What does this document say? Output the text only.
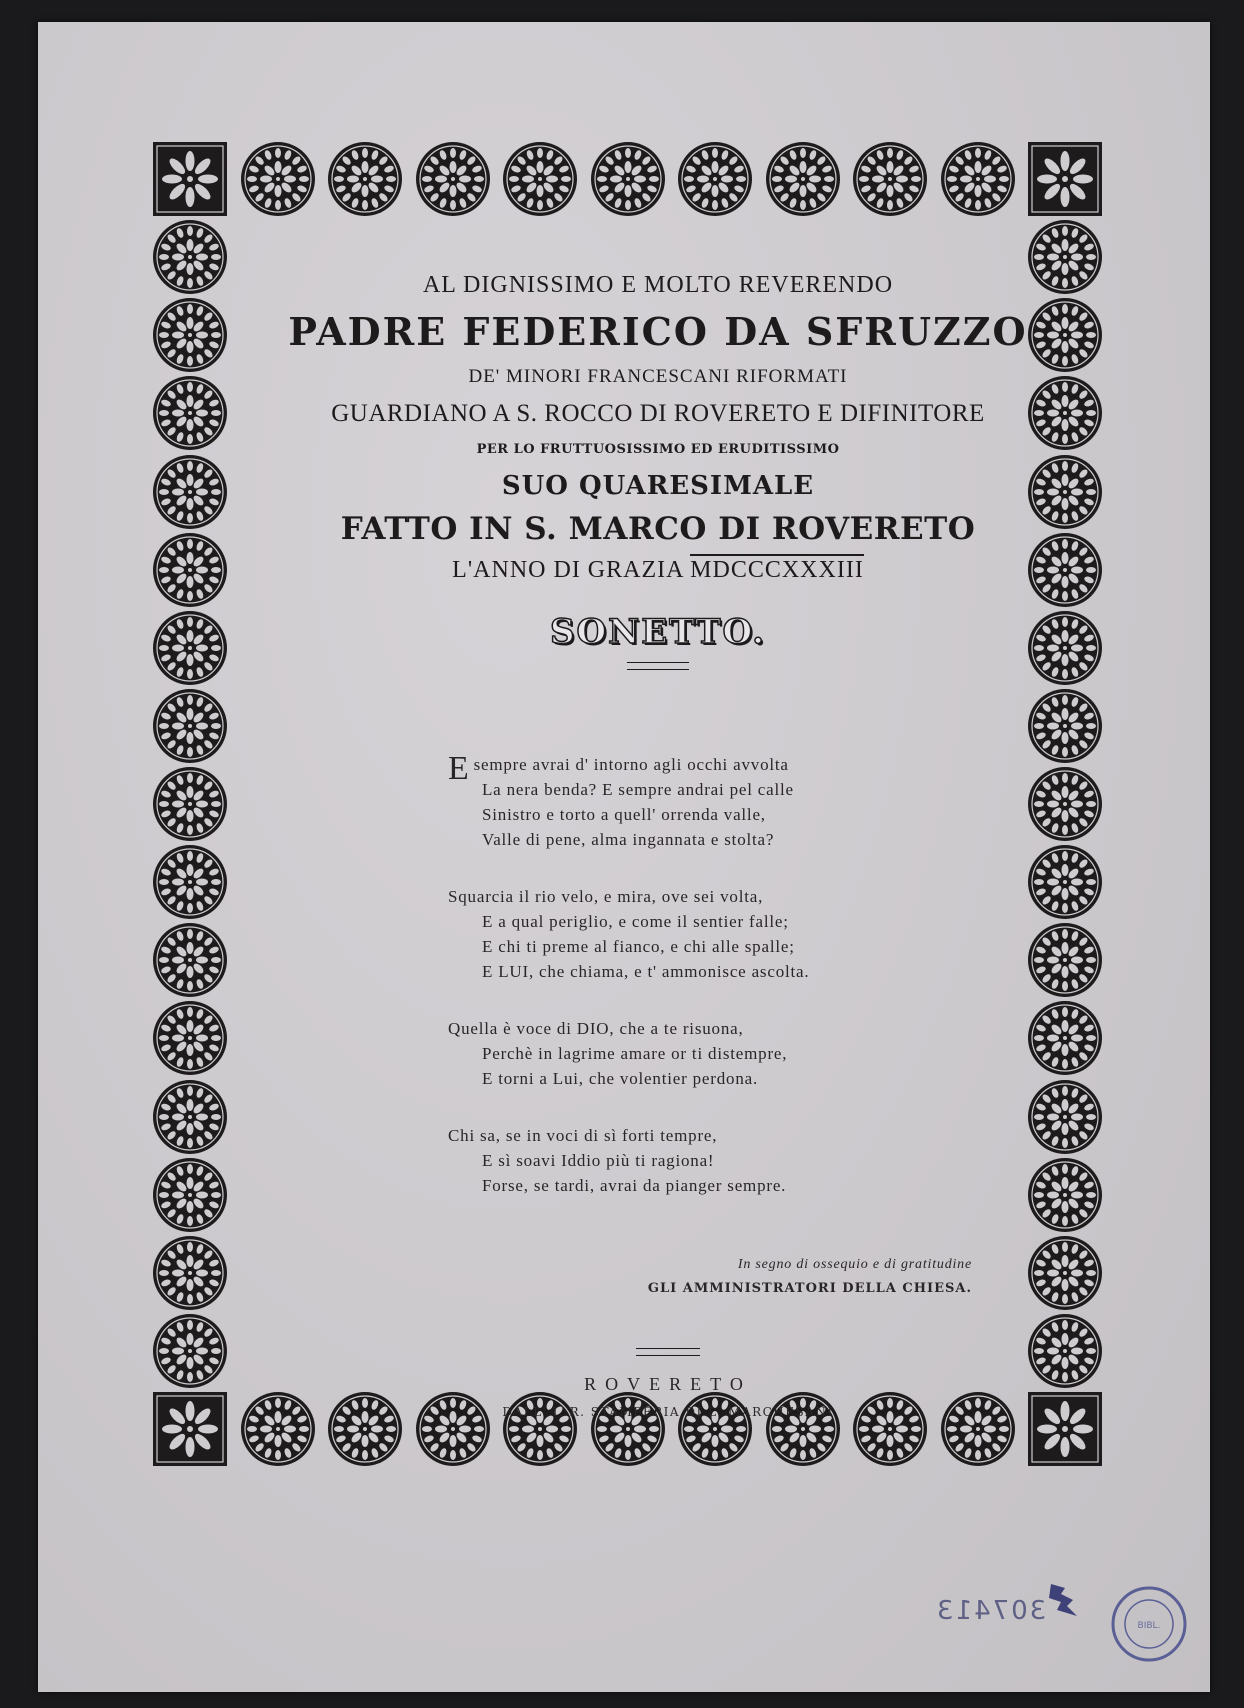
AL DIGNISSIMO E MOLTO REVERENDO
PADRE FEDERICO DA SFRUZZO
DE' MINORI FRANCESCANI RIFORMATI
GUARDIANO A S. ROCCO DI ROVERETO E DIFINITORE
PER LO FRUTTUOSISSIMO ED ERUDITISSIMO
SUO QUARESIMALE
FATTO IN S. MARCO DI ROVERETO
L'ANNO DI GRAZIA MDCCCXXXIII
SONETTO.
Esempre avrai d' intorno agli occhi avvolta
La nera benda? E sempre andrai pel calle
Sinistro e torto a quell' orrenda valle,
Valle di pene, alma ingannata e stolta?
Squarcia il rio velo, e mira, ove sei volta,
E a qual periglio, e come il sentier falle;
E chi ti preme al fianco, e chi alle spalle;
E LUI, che chiama, e t' ammonisce ascolta.
Quella è voce di DIO, che a te risuona,
Perchè in lagrime amare or ti distempre,
E torni a Lui, che volentier perdona.
Chi sa, se in voci di sì forti tempre,
E sì soavi Iddio più ti ragiona!
Forse, se tardi, avrai da pianger sempre.
In segno di ossequio e di gratitudine
GLI AMMINISTRATORI DELLA CHIESA.
ROVERETO
DALL' I. R. STAMPERIA DI L. MARCHESANI
307413	BIBL.
